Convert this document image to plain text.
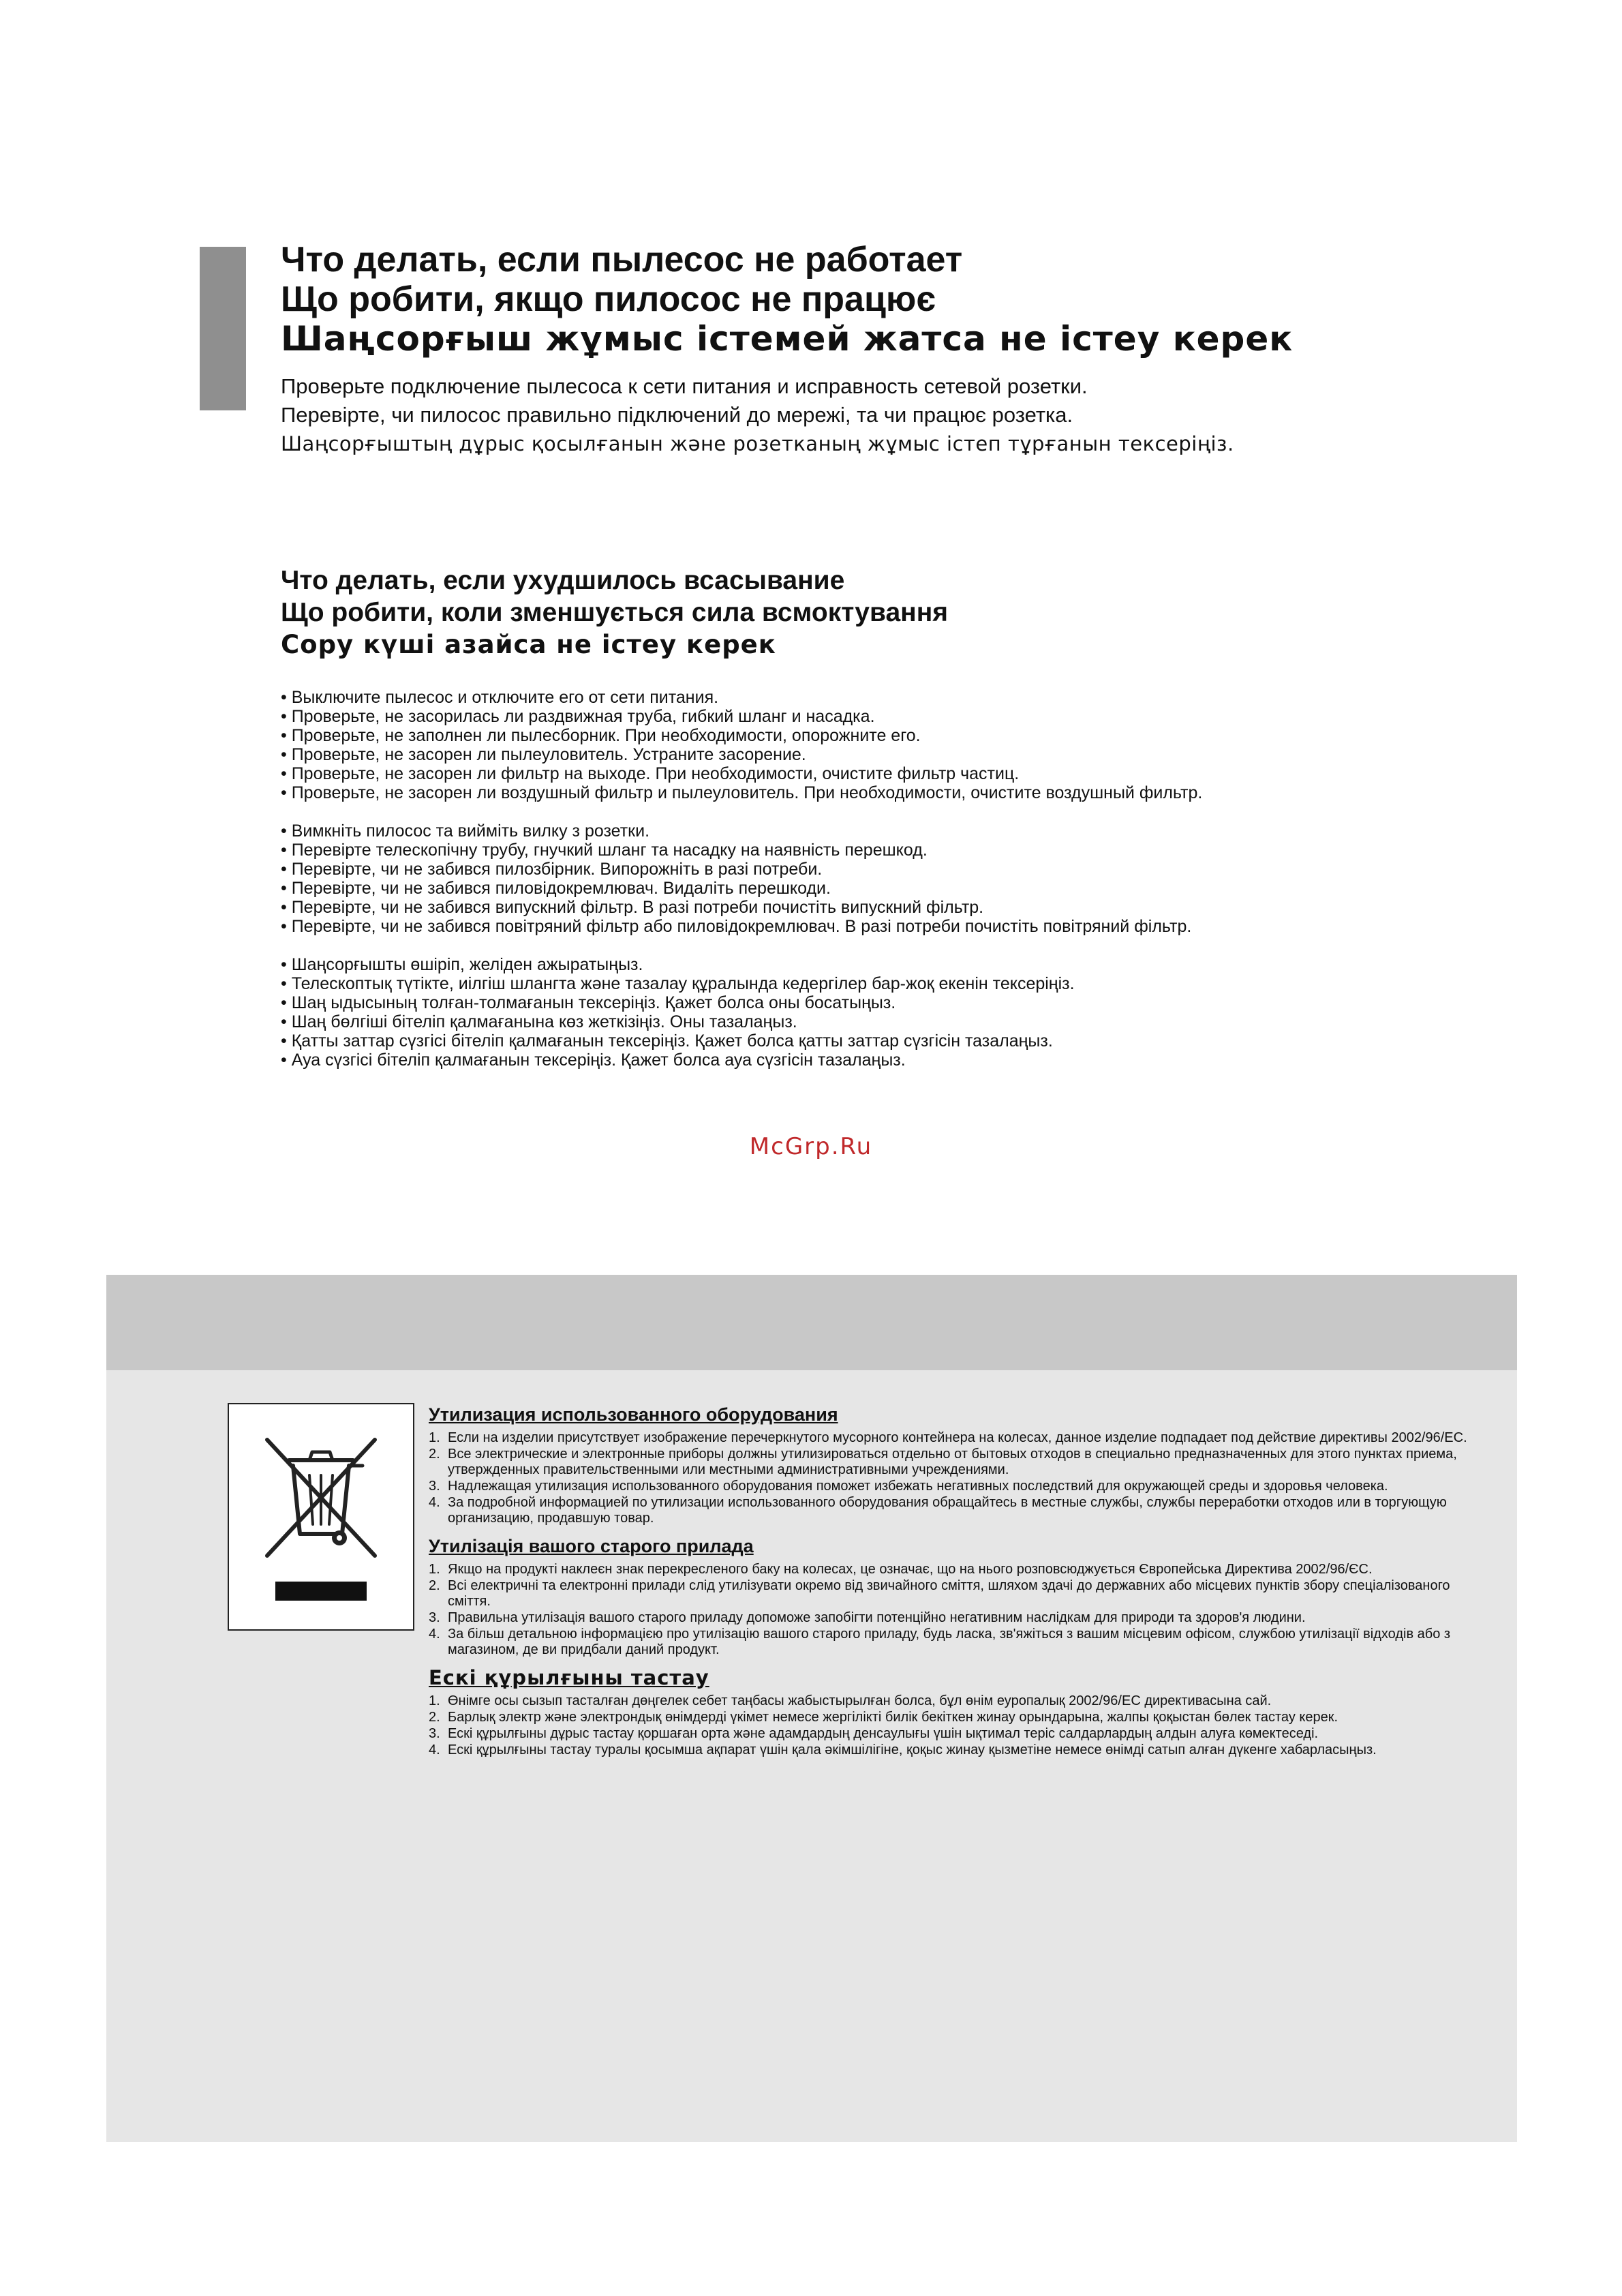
Что делать, если пылесос не работает

Що робити, якщо пилосос не працює

Шаңсорғыш жұмыс істемей жатса не істеу керек

Проверьте подключение пылесоса к сети питания и исправность сетевой розетки.

Перевірте, чи пилосос правильно підключений до мережі, та чи працює розетка.

Шаңсорғыштың дұрыс қосылғанын және розетканың жұмыс істеп тұрғанын тексеріңіз.

Что делать, если ухудшилось всасывание

Що робити, коли зменшується сила всмоктування

Сору күші азайса не істеу керек

• Выключите пылесос и отключите его от сети питания.
• Проверьте, не засорилась ли раздвижная труба, гибкий шланг и насадка.
• Проверьте, не заполнен ли пылесборник. При необходимости, опорожните его.
• Проверьте, не засорен ли пылеуловитель. Устраните засорение.
• Проверьте, не засорен ли фильтр на выходе. При необходимости, очистите фильтр частиц.
• Проверьте, не засорен ли воздушный фильтр и пылеуловитель. При необходимости, очистите воздушный фильтр.
• Вимкніть пилосос та вийміть вилку з розетки.
• Перевірте телескопічну трубу, гнучкий шланг та насадку на наявність перешкод.
• Перевірте, чи не забився пилозбірник. Випорожніть в разі потреби.
• Перевірте, чи не забився пиловідокремлювач. Видаліть перешкоди.
• Перевірте, чи не забився випускний фільтр. В разі потреби почистіть випускний фільтр.
• Перевірте, чи не забився повітряний фільтр або пиловідокремлювач. В разі потреби почистіть повітряний фільтр.
• Шаңсорғышты өшіріп, желіден ажыратыңыз.
• Телескоптық түтікте, иілгіш шлангта және тазалау құралында кедергілер бар-жоқ екенін тексеріңіз.
• Шаң ыдысының толған-толмағанын тексеріңіз. Қажет болса оны босатыңыз.
• Шаң бөлгіші бітеліп қалмағанына көз жеткізіңіз. Оны тазалаңыз.
• Қатты заттар сүзгісі бітеліп қалмағанын тексеріңіз. Қажет болса қатты заттар сүзгісін тазалаңыз.
• Ауа сүзгісі бітеліп қалмағанын тексеріңіз. Қажет болса ауа сүзгісін тазалаңыз.
McGrp.Ru
Утилизация использованного оборудования
1. Если на изделии присутствует изображение перечеркнутого мусорного контейнера на колесах, данное изделие подпадает под действие директивы 2002/96/ЕС.
2. Все электрические и электронные приборы должны утилизироваться отдельно от бытовых отходов в специально предназначенных для этого пунктах приема, утвержденных правительственными или местными административными учреждениями.
3. Надлежащая утилизация использованного оборудования поможет избежать негативных последствий для окружающей среды и здоровья человека.
4. За подробной информацией по утилизации использованного оборудования обращайтесь в местные службы, службы переработки отходов или в торгующую организацию, продавшую товар.
Утилізація вашого старого прилада
1. Якщо на продукті наклеєн знак перекресленого баку на колесах, це означає, що на нього розповсюджується Європейська Директива 2002/96/ЄС.
2. Всі електричні та електронні прилади слід утилізувати окремо від звичайного сміття, шляхом здачі до державних або місцевих пунктів збору спеціалізованого сміття.
3. Правильна утилізація вашого старого приладу допоможе запобігти потенційно негативним наслідкам для природи та здоров'я людини.
4. За більш детальною інформацією про утилізацію вашого старого приладу, будь ласка, зв'яжіться з вашим місцевим офісом, службою утилізації відходів або з магазином, де ви придбали даний продукт.
Ескі құрылғыны тастау
1. Өнімге осы сызып тасталған дөңгелек себет таңбасы жабыстырылған болса, бұл өнім еуропалық 2002/96/ЕС директивасына сай.
2. Барлық электр және электрондық өнімдерді үкімет немесе жергілікті билік бекіткен жинау орындарына, жалпы қоқыстан бөлек тастау керек.
3. Ескі құрылғыны дұрыс тастау қоршаған орта және адамдардың денсаулығы үшін ықтимал теріс салдарлардың алдын алуға көмектеседі.
4. Ескі құрылғыны тастау туралы қосымша ақпарат үшін қала әкімшілігіне, қоқыс жинау қызметіне немесе өнімді сатып алған дүкенге хабарласыңыз.
